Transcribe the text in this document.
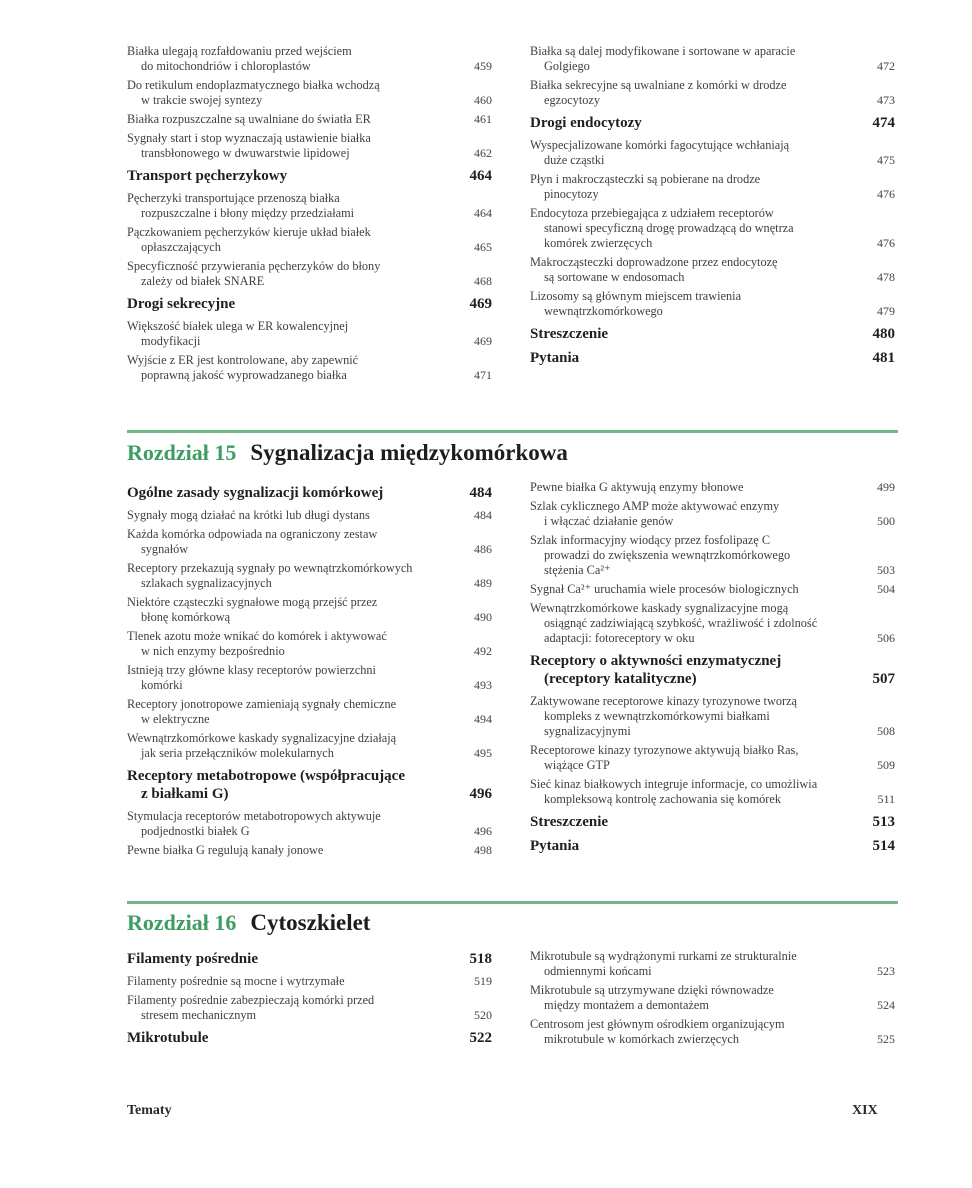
Białka ulegają rozfałdowaniu przed wejściem
do mitochondriów i chloroplastów	459
Do retikulum endoplazmatycznego białka wchodzą
w trakcie swojej syntezy	460
Białka rozpuszczalne są uwalniane do światła ER	461
Sygnały start i stop wyznaczają ustawienie białka
transbłonowego w dwuwarstwie lipidowej	462
Transport pęcherzykowy	464
Pęcherzyki transportujące przenoszą białka
rozpuszczalne i błony między przedziałami	464
Pączkowaniem pęcherzyków kieruje układ białek
opłaszczających	465
Specyficzność przywierania pęcherzyków do błony
zależy od białek SNARE	468
Drogi sekrecyjne	469
Większość białek ulega w ER kowalencyjnej
modyfikacji	469
Wyjście z ER jest kontrolowane, aby zapewnić
poprawną jakość wyprowadzanego białka	471
Białka są dalej modyfikowane i sortowane w aparacie
Golgiego	472
Białka sekrecyjne są uwalniane z komórki w drodze
egzocytozy	473
Drogi endocytozy	474
Wyspecjalizowane komórki fagocytujące wchłaniają
duże cząstki	475
Płyn i makrocząsteczki są pobierane na drodze
pinocytozy	476
Endocytoza przebiegająca z udziałem receptorów
stanowi specyficzną drogę prowadzącą do wnętrza
komórek zwierzęcych	476
Makrocząsteczki doprowadzone przez endocytozę
są sortowane w endosomach	478
Lizosomy są głównym miejscem trawienia
wewnątrzkomórkowego	479
Streszczenie	480
Pytania	481
Rozdział 15 Sygnalizacja międzykomórkowa
Ogólne zasady sygnalizacji komórkowej	484
Sygnały mogą działać na krótki lub długi dystans	484
Każda komórka odpowiada na ograniczony zestaw
sygnałów	486
Receptory przekazują sygnały po wewnątrzkomórkowych
szlakach sygnalizacyjnych	489
Niektóre cząsteczki sygnałowe mogą przejść przez
błonę komórkową	490
Tlenek azotu może wnikać do komórek i aktywować
w nich enzymy bezpośrednio	492
Istnieją trzy główne klasy receptorów powierzchni
komórki	493
Receptory jonotropowe zamieniają sygnały chemiczne
w elektryczne	494
Wewnątrzkomórkowe kaskady sygnalizacyjne działają
jak seria przełączników molekularnych	495
Receptory metabotropowe (współpracujące
z białkami G)	496
Stymulacja receptorów metabotropowych aktywuje
podjednostki białek G	496
Pewne białka G regulują kanały jonowe	498
Pewne białka G aktywują enzymy błonowe	499
Szlak cyklicznego AMP może aktywować enzymy
i włączać działanie genów	500
Szlak informacyjny wiodący przez fosfolipazę C
prowadzi do zwiększenia wewnątrzkomórkowego
stężenia Ca²⁺	503
Sygnał Ca²⁺ uruchamia wiele procesów biologicznych	504
Wewnątrzkomórkowe kaskady sygnalizacyjne mogą
osiągnąć zadziwiającą szybkość, wrażliwość i zdolność
adaptacji: fotoreceptory w oku	506
Receptory o aktywności enzymatycznej
(receptory katalityczne)	507
Zaktywowane receptorowe kinazy tyrozynowe tworzą
kompleks z wewnątrzkomórkowymi białkami
sygnalizacyjnymi	508
Receptorowe kinazy tyrozynowe aktywują białko Ras,
wiążące GTP	509
Sieć kinaz białkowych integruje informacje, co umożliwia
kompleksową kontrolę zachowania się komórek	511
Streszczenie	513
Pytania	514
Rozdział 16 Cytoszkielet
Filamenty pośrednie	518
Filamenty pośrednie są mocne i wytrzymałe	519
Filamenty pośrednie zabezpieczają komórki przed
stresem mechanicznym	520
Mikrotubule	522
Mikrotubule są wydrążonymi rurkami ze strukturalnie
odmiennymi końcami	523
Mikrotubule są utrzymywane dzięki równowadze
między montażem a demontażem	524
Centrosom jest głównym ośrodkiem organizującym
mikrotubule w komórkach zwierzęcych	525
Tematy	XIX
